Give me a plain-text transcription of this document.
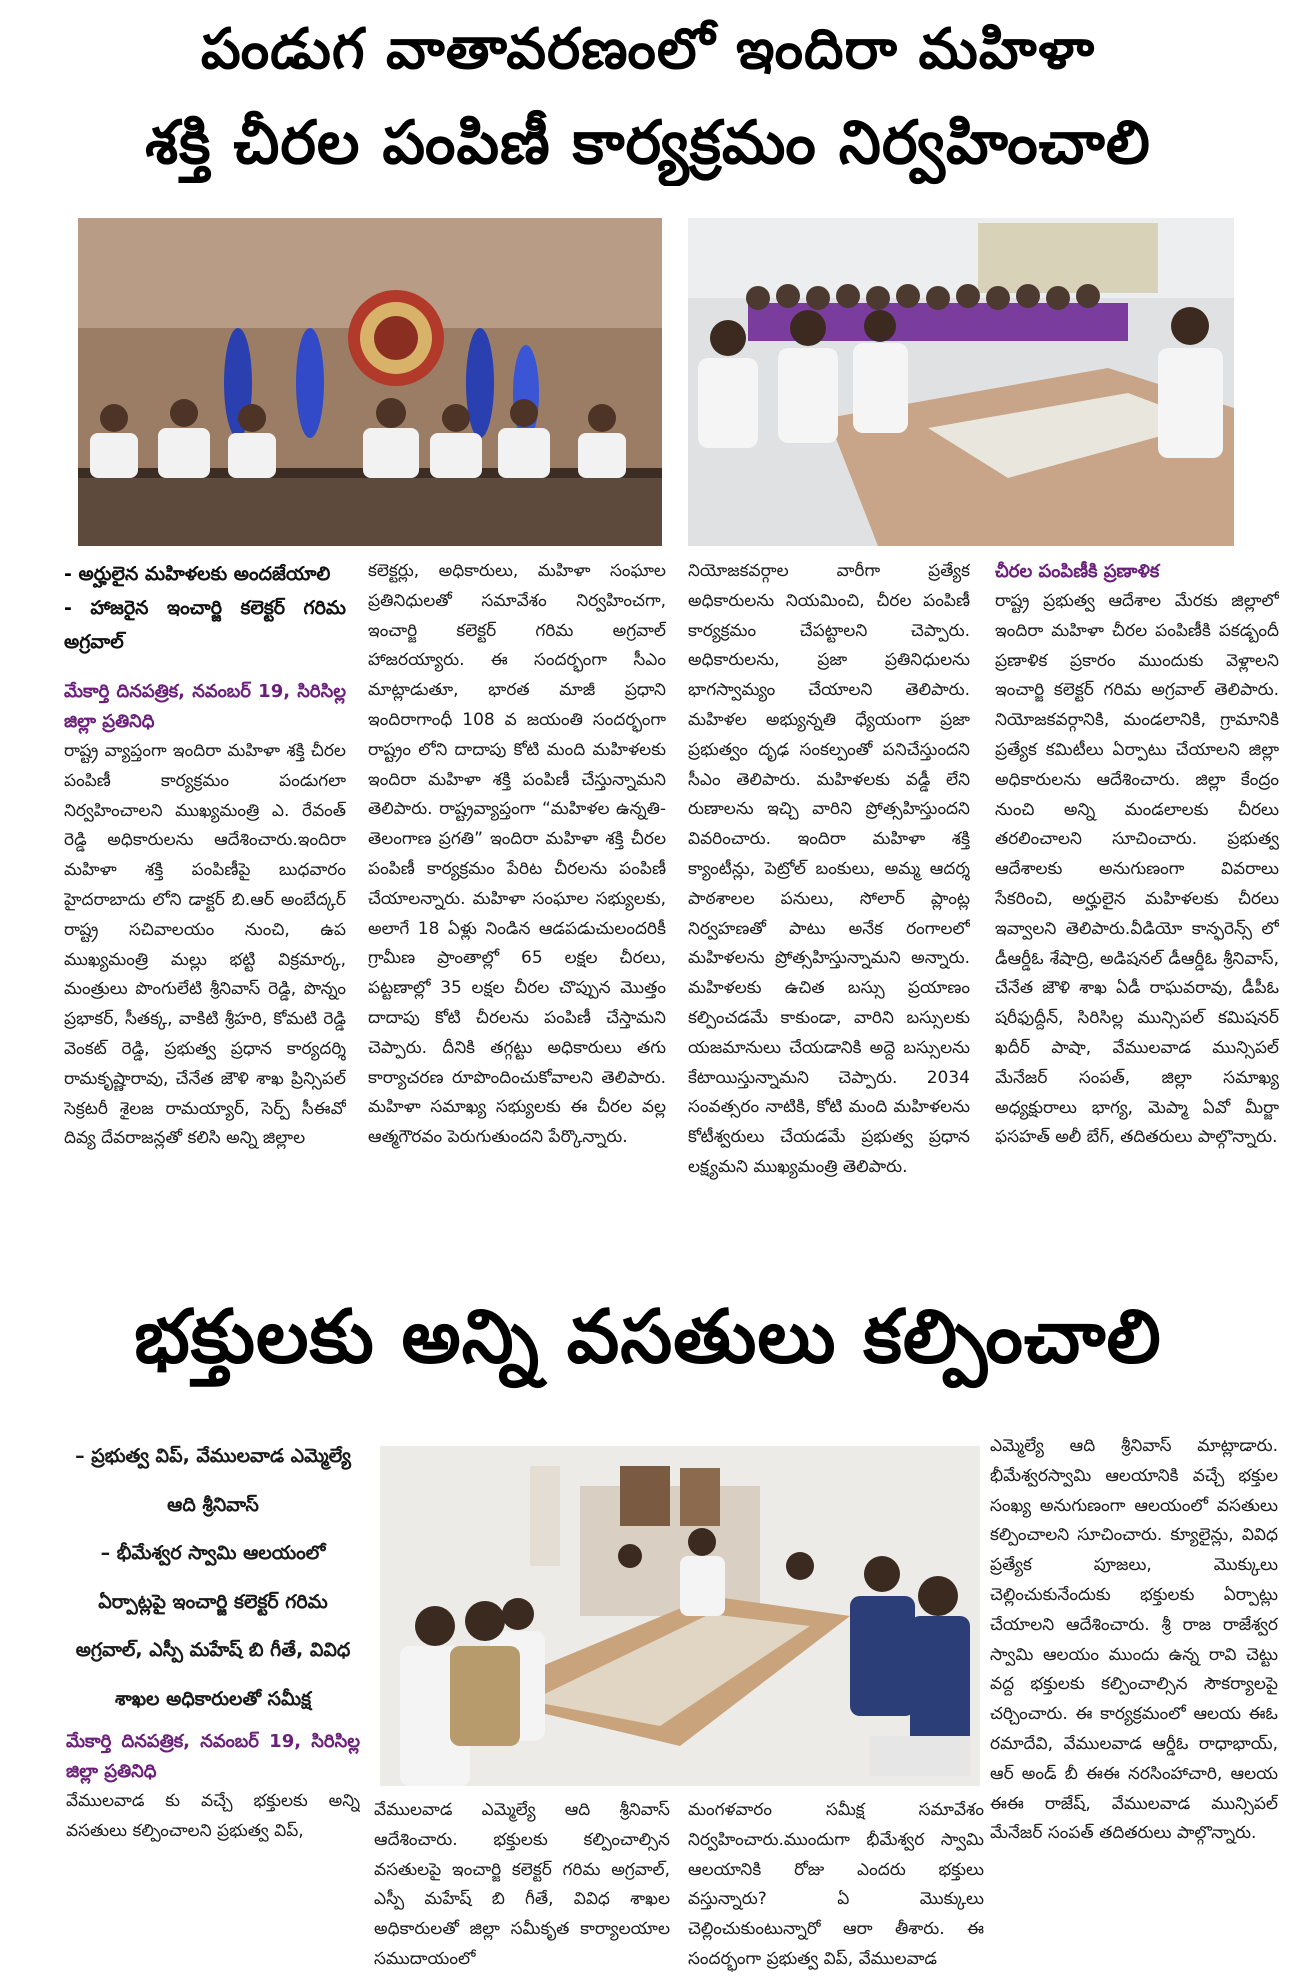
పండుగ వాతావరణంలో ఇందిరా మహిళా
శక్తి చీరల పంపిణీ కార్యక్రమం నిర్వహించాలి

- అర్హులైన మహిళలకు అందజేయాలి

- హాజరైన ఇంచార్జి కలెక్టర్ గరిమ అగ్రవాల్

మేకార్తి దినపత్రిక, నవంబర్ 19, సిరిసిల్ల జిల్లా ప్రతినిధి

రాష్ట్ర వ్యాప్తంగా ఇందిరా మహిళా శక్తి చీరల పంపిణీ కార్యక్రమం పండుగలా నిర్వహించాలని ముఖ్యమంత్రి ఎ. రేవంత్ రెడ్డి అధికారులను ఆదేశించారు.ఇందిరా మహిళా శక్తి పంపిణీపై బుధవారం హైదరాబాదు లోని డాక్టర్ బి.ఆర్ అంబేద్కర్ రాష్ట్ర సచివాలయం నుంచి, ఉప ముఖ్యమంత్రి మల్లు భట్టి విక్రమార్క, మంత్రులు పొంగులేటి శ్రీనివాస్ రెడ్డి, పొన్నం ప్రభాకర్, సీతక్క, వాకిటి శ్రీహరి, కోమటి రెడ్డి వెంకట్ రెడ్డి, ప్రభుత్వ ప్రధాన కార్యదర్శి రామకృష్ణారావు, చేనేత జౌళి శాఖ ప్రిన్సిపల్ సెక్రటరీ శైలజ రామయ్యార్, సెర్ప్ సీఈవో దివ్య దేవరాజన్లతో కలిసి అన్ని జిల్లాల

కలెక్టర్లు, అధికారులు, మహిళా సంఘాల ప్రతినిధులతో సమావేశం నిర్వహించగా, ఇంచార్జి కలెక్టర్ గరిమ అగ్రవాల్ హాజరయ్యారు. ఈ సందర్భంగా సీఎం మాట్లాడుతూ, భారత మాజీ ప్రధాని ఇందిరాగాంధీ 108 వ జయంతి సందర్భంగా రాష్ట్రం లోని దాదాపు కోటి మంది మహిళలకు ఇందిరా మహిళా శక్తి పంపిణీ చేస్తున్నామని తెలిపారు. రాష్ట్రవ్యాప్తంగా “మహిళల ఉన్నతి-తెలంగాణ ప్రగతి” ఇందిరా మహిళా శక్తి చీరల పంపిణీ కార్యక్రమం పేరిట చీరలను పంపిణీ చేయాలన్నారు. మహిళా సంఘాల సభ్యులకు, అలాగే 18 ఏళ్లు నిండిన ఆడపడుచులందరికీ గ్రామీణ ప్రాంతాల్లో 65 లక్షల చీరలు, పట్టణాల్లో 35 లక్షల చీరల చొప్పున మొత్తం దాదాపు కోటి చీరలను పంపిణీ చేస్తామని చెప్పారు. దీనికి తగ్గట్టు అధికారులు తగు కార్యాచరణ రూపొందించుకోవాలని తెలిపారు. మహిళా సమాఖ్య సభ్యులకు ఈ చీరల వల్ల ఆత్మగౌరవం పెరుగుతుందని పేర్కొన్నారు.

నియోజకవర్గాల వారీగా ప్రత్యేక అధికారులను నియమించి, చీరల పంపిణీ కార్యక్రమం చేపట్టాలని చెప్పారు. అధికారులను, ప్రజా ప్రతినిధులను భాగస్వామ్యం చేయాలని తెలిపారు. మహిళల అభ్యున్నతి ధ్యేయంగా ప్రజా ప్రభుత్వం దృఢ సంకల్పంతో పనిచేస్తుందని సీఎం తెలిపారు. మహిళలకు వడ్డీ లేని రుణాలను ఇచ్చి వారిని ప్రోత్సహిస్తుందని వివరించారు. ఇందిరా మహిళా శక్తి క్యాంటీన్లు, పెట్రోల్ బంకులు, అమ్మ ఆదర్శ పాఠశాలల పనులు, సోలార్ ప్లాంట్ల నిర్వహణతో పాటు అనేక రంగాలలో మహిళలను ప్రోత్సహిస్తున్నామని అన్నారు. మహిళలకు ఉచిత బస్సు ప్రయాణం కల్పించడమే కాకుండా, వారిని బస్సులకు యజమానులు చేయడానికి అద్దె బస్సులను కేటాయిస్తున్నామని చెప్పారు. 2034 సంవత్సరం నాటికి, కోటి మంది మహిళలను కోటీశ్వరులు చేయడమే ప్రభుత్వ ప్రధాన లక్ష్యమని ముఖ్యమంత్రి తెలిపారు.

చీరల పంపిణీకి ప్రణాళిక

రాష్ట్ర ప్రభుత్వ ఆదేశాల మేరకు జిల్లాలో ఇందిరా మహిళా చీరల పంపిణీకి పకడ్బందీ ప్రణాళిక ప్రకారం ముందుకు వెళ్లాలని ఇంచార్జి కలెక్టర్ గరిమ అగ్రవాల్ తెలిపారు. నియోజకవర్గానికి, మండలానికి, గ్రామానికి ప్రత్యేక కమిటీలు ఏర్పాటు చేయాలని జిల్లా అధికారులను ఆదేశించారు. జిల్లా కేంద్రం నుంచి అన్ని మండలాలకు చీరలు తరలించాలని సూచించారు. ప్రభుత్వ ఆదేశాలకు అనుగుణంగా వివరాలు సేకరించి, అర్హులైన మహిళలకు చీరలు ఇవ్వాలని తెలిపారు.వీడియో కాన్ఫరెన్స్ లో డీఆర్డీఓ శేషాద్రి, అడిషనల్ డీఆర్డీఓ శ్రీనివాస్, చేనేత జౌళి శాఖ ఏడీ రాఘవరావు, డీపీఓ షరీఫుద్దీన్, సిరిసిల్ల మున్సిపల్ కమిషనర్ ఖదీర్ పాషా, వేములవాడ మున్సిపల్ మేనేజర్ సంపత్, జిల్లా సమాఖ్య అధ్యక్షురాలు భాగ్య, మెప్మా ఏవో మీర్జా ఫసహత్ అలీ బేగ్, తదితరులు పాల్గొన్నారు.

భక్తులకు అన్ని వసతులు కల్పించాలి

– ప్రభుత్వ విప్, వేములవాడ ఎమ్మెల్యే ఆది శ్రీనివాస్

– భీమేశ్వర స్వామి ఆలయంలో ఏర్పాట్లపై ఇంచార్జి కలెక్టర్ గరిమ అగ్రవాల్, ఎస్పీ మహేష్ బి గీతే, వివిధ శాఖల అధికారులతో సమీక్ష

మేకార్తి దినపత్రిక, నవంబర్ 19, సిరిసిల్ల జిల్లా ప్రతినిధి

వేములవాడ కు వచ్చే భక్తులకు అన్ని వసతులు కల్పించాలని ప్రభుత్వ విప్,

వేములవాడ ఎమ్మెల్యే ఆది శ్రీనివాస్ ఆదేశించారు. భక్తులకు కల్పించాల్సిన వసతులపై ఇంచార్జి కలెక్టర్ గరిమ అగ్రవాల్, ఎస్పీ మహేష్ బి గీతే, వివిధ శాఖల అధికారులతో జిల్లా సమీకృత కార్యాలయాల సముదాయంలో

మంగళవారం సమీక్ష సమావేశం నిర్వహించారు.ముందుగా భీమేశ్వర స్వామి ఆలయానికి రోజు ఎందరు భక్తులు వస్తున్నారు? ఏ మొక్కులు చెల్లించుకుంటున్నారో ఆరా తీశారు. ఈ సందర్భంగా ప్రభుత్వ విప్, వేములవాడ

ఎమ్మెల్యే ఆది శ్రీనివాస్ మాట్లాడారు. భీమేశ్వరస్వామి ఆలయానికి వచ్చే భక్తుల సంఖ్య అనుగుణంగా ఆలయంలో వసతులు కల్పించాలని సూచించారు. క్యూలైన్లు, వివిధ ప్రత్యేక పూజలు, మొక్కులు చెల్లించుకునేందుకు భక్తులకు ఏర్పాట్లు చేయాలని ఆదేశించారు. శ్రీ రాజ రాజేశ్వర స్వామి ఆలయం ముందు ఉన్న రావి చెట్టు వద్ద భక్తులకు కల్పించాల్సిన సౌకర్యాలపై చర్చించారు. ఈ కార్యక్రమంలో ఆలయ ఈఓ రమాదేవి, వేములవాడ ఆర్డీఓ రాధాభాయ్, ఆర్ అండ్ బీ ఈఈ నరసింహాచారి, ఆలయ ఈఈ రాజేష్, వేములవాడ మున్సిపల్ మేనేజర్ సంపత్ తదితరులు పాల్గొన్నారు.
